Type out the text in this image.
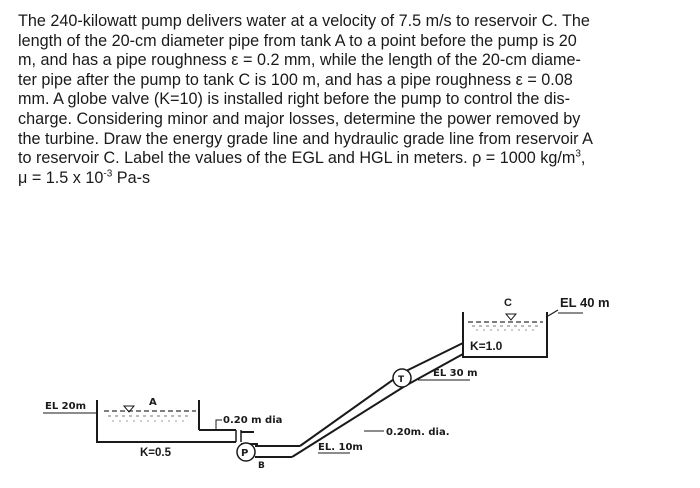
The 240-kilowatt pump delivers water at a velocity of 7.5 m/s to reservoir C. The
length of the 20-cm diameter pipe from tank A to a point before the pump is 20
m, and has a pipe roughness ε = 0.2 mm, while the length of the 20-cm diame-
ter pipe after the pump to tank C is 100 m, and has a pipe roughness ε = 0.08
mm. A globe valve (K=10) is installed right before the pump to control the dis-
charge. Considering minor and major losses, determine the power removed by
the turbine. Draw the energy grade line and hydraulic grade line from reservoir A
to reservoir C. Label the values of the EGL and HGL in meters. ρ = 1000 $kg/m^3$,
μ = 1.5 x $10^{-3}$ Pa-s
C	EL 40 m
K=1.0
A
EL 20m
K=0.5
0.20 m dia
P
B
EL. 10m
0.20m. dia.
T
EL 30 m
